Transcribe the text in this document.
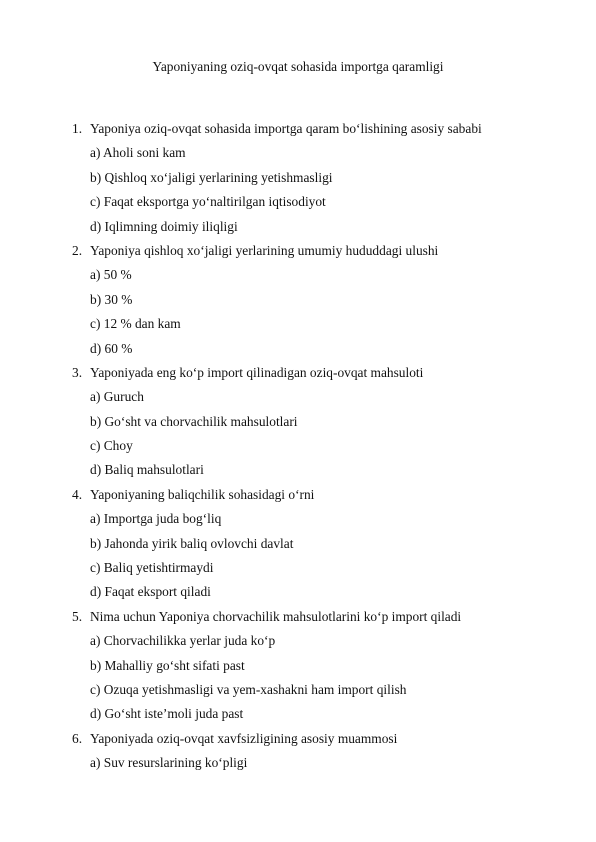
Yaponiyaning oziq-ovqat sohasida importga qaramligi
1. Yaponiya oziq-ovqat sohasida importga qaram bo‘lishining asosiy sababi
a) Aholi soni kam
b) Qishloq xo‘jaligi yerlarining yetishmasligi
c) Faqat eksportga yo‘naltirilgan iqtisodiyot
d) Iqlimning doimiy iliqligi
2. Yaponiya qishloq xo‘jaligi yerlarining umumiy hududdagi ulushi
a) 50 %
b) 30 %
c) 12 % dan kam
d) 60 %
3. Yaponiyada eng ko‘p import qilinadigan oziq-ovqat mahsuloti
a) Guruch
b) Go‘sht va chorvachilik mahsulotlari
c) Choy
d) Baliq mahsulotlari
4. Yaponiyaning baliqchilik sohasidagi o‘rni
a) Importga juda bog‘liq
b) Jahonda yirik baliq ovlovchi davlat
c) Baliq yetishtirmaydi
d) Faqat eksport qiladi
5. Nima uchun Yaponiya chorvachilik mahsulotlarini ko‘p import qiladi
a) Chorvachilikka yerlar juda ko‘p
b) Mahalliy go‘sht sifati past
c) Ozuqa yetishmasligi va yem-xashakni ham import qilish
d) Go‘sht iste’moli juda past
6. Yaponiyada oziq-ovqat xavfsizligining asosiy muammosi
a) Suv resurslarining ko‘pligi
